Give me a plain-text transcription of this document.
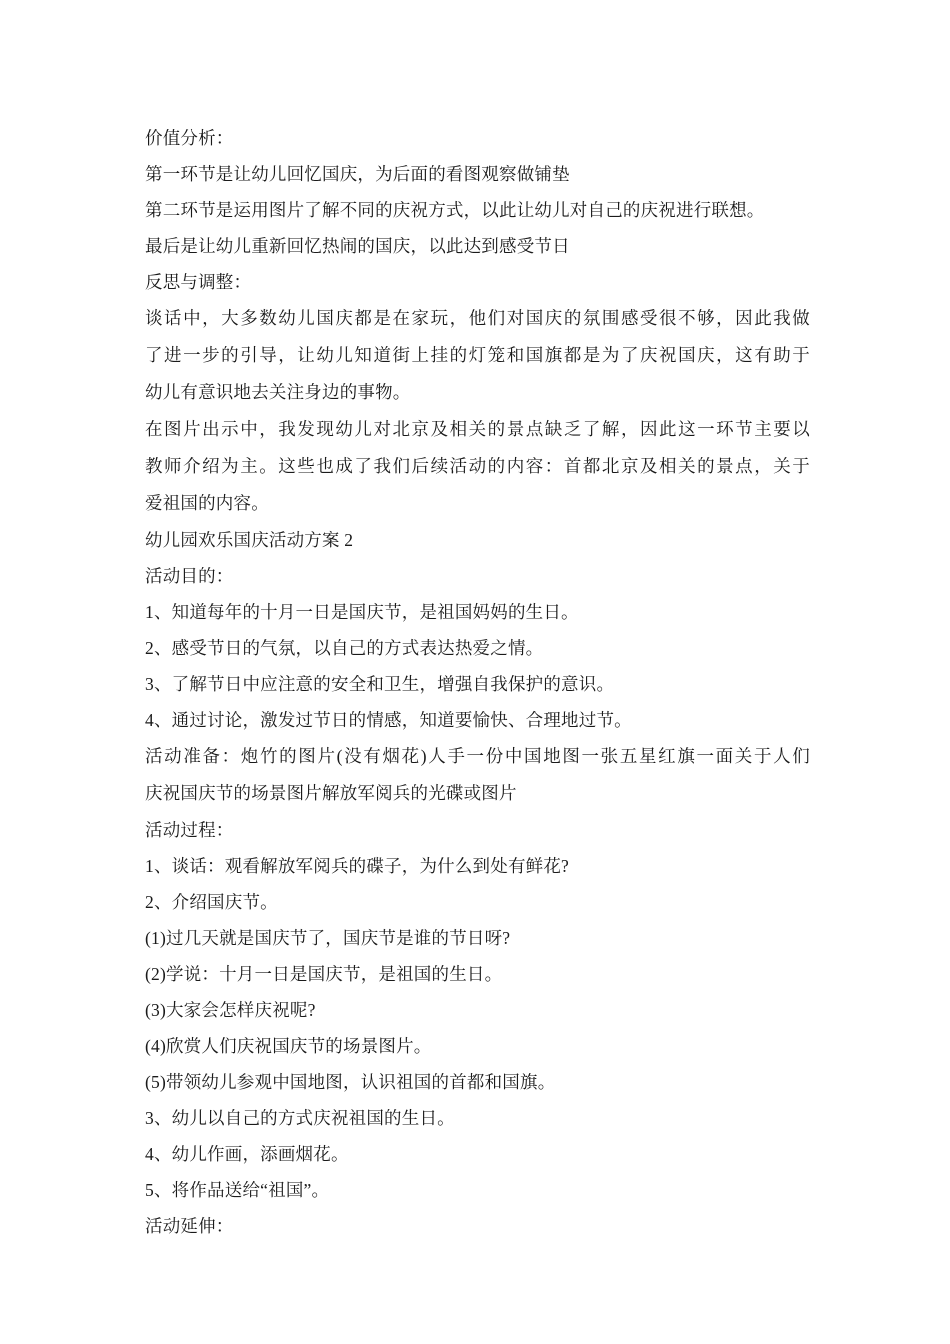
价值分析：
第一环节是让幼儿回忆国庆，为后面的看图观察做铺垫
第二环节是运用图片了解不同的庆祝方式，以此让幼儿对自己的庆祝进行联想。
最后是让幼儿重新回忆热闹的国庆，以此达到感受节日
反思与调整：
谈话中，大多数幼儿国庆都是在家玩，他们对国庆的氛围感受很不够，因此我做
了进一步的引导，让幼儿知道街上挂的灯笼和国旗都是为了庆祝国庆，这有助于
幼儿有意识地去关注身边的事物。
在图片出示中，我发现幼儿对北京及相关的景点缺乏了解，因此这一环节主要以
教师介绍为主。这些也成了我们后续活动的内容：首都北京及相关的景点，关于
爱祖国的内容。
幼儿园欢乐国庆活动方案 2
活动目的：
1、知道每年的十月一日是国庆节，是祖国妈妈的生日。
2、感受节日的气氛，以自己的方式表达热爱之情。
3、了解节日中应注意的安全和卫生，增强自我保护的意识。
4、通过讨论，激发过节日的情感，知道要愉快、合理地过节。
活动准备：炮竹的图片(没有烟花)人手一份中国地图一张五星红旗一面关于人们
庆祝国庆节的场景图片解放军阅兵的光碟或图片
活动过程：
1、谈话：观看解放军阅兵的碟子，为什么到处有鲜花?
2、介绍国庆节。
(1)过几天就是国庆节了，国庆节是谁的节日呀?
(2)学说：十月一日是国庆节，是祖国的生日。
(3)大家会怎样庆祝呢?
(4)欣赏人们庆祝国庆节的场景图片。
(5)带领幼儿参观中国地图，认识祖国的首都和国旗。
3、幼儿以自己的方式庆祝祖国的生日。
4、幼儿作画，添画烟花。
5、将作品送给“祖国”。
活动延伸：
